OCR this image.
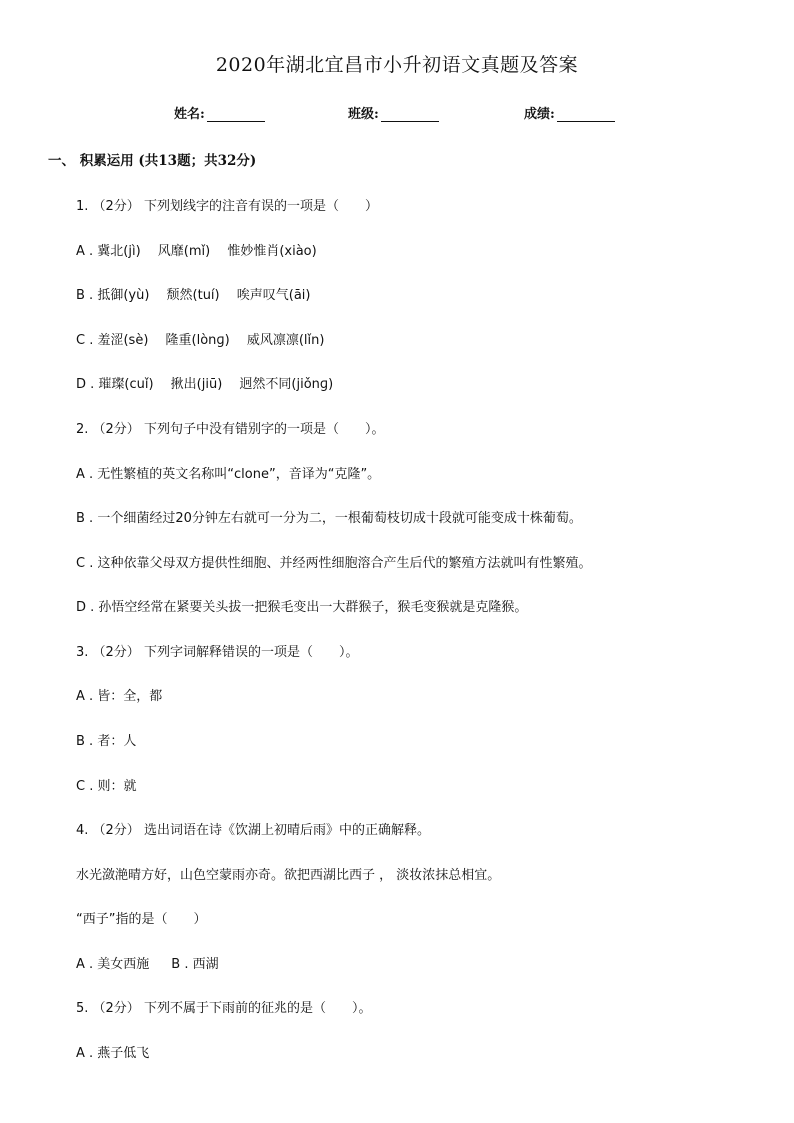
2020年湖北宜昌市小升初语文真题及答案
姓名:	班级:	成绩:
一、 积累运用 (共13题；共32分)
1. （2分） 下列划线字的注音有误的一项是（　　）
A . 冀北(jì)　 风靡(mǐ)　 惟妙惟肖(xiào)
B . 抵御(yù)　 颓然(tuí)　 唉声叹气(āi)
C . 羞涩(sè)　 隆重(lònɡ)　 威风凛凛(lǐn)
D . 璀璨(cuǐ)　 揪出(jiū)　 迥然不同(jiǒnɡ)
2. （2分） 下列句子中没有错别字的一项是（　　）。
A . 无性繁植的英文名称叫“clone”，音译为“克隆”。
B . 一个细菌经过20分钟左右就可一分为二，一根葡萄枝切成十段就可能变成十株葡萄。
C . 这种依靠父母双方提供性细胞、并经两性细胞溶合产生后代的繁殖方法就叫有性繁殖。
D . 孙悟空经常在紧要关头拔一把猴毛变出一大群猴子，猴毛变猴就是克隆猴。
3. （2分） 下列字词解释错误的一项是（　　）。
A . 皆：全，都
B . 者：人
C . 则：就
4. （2分） 选出词语在诗《饮湖上初晴后雨》中的正确解释。
水光潋滟晴方好，山色空蒙雨亦奇。欲把西湖比西子 ， 淡妆浓抹总相宜。
“西子”指的是（　　）
A . 美女西施 B . 西湖
5. （2分） 下列不属于下雨前的征兆的是（　　）。
A . 燕子低飞
